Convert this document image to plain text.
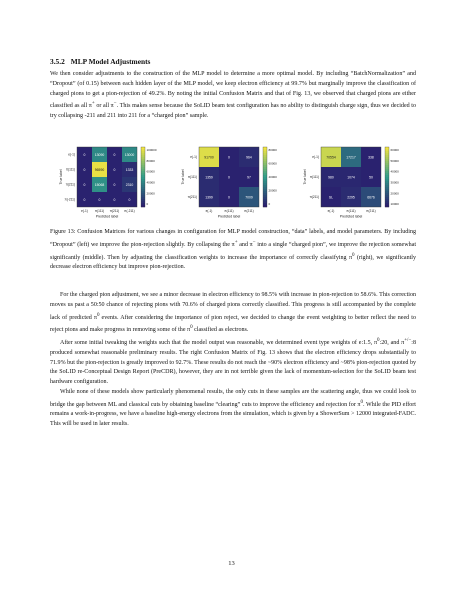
3.5.2 MLP Model Adjustments

We then consider adjustments to the construction of the MLP model to determine a more optimal model. By including “BatchNormalization” and “Dropout” (of 0.15) between each hidden layer of the MLP model, we keep electron efficiency at 99.7% but marginally improve the classification of charged pions to get a pion-rejection of 49.2%. By noting the initial Confusion Matrix and that of Fig. 13, we observed that charged pions are either classified as all π+ or all π−. This makes sense because the SoLID beam test configuration has no ability to distinguish charge sign, thus we decided to try collapsing -211 and 211 into 211 for a “charged pion” sample.

0	13090	0	13000
0	96590	0	1333
0	15068	0	2310
0	0	0	0
e(-1)
π(111)
π(211)
π(-211)
e(-1) π(111) π(211) π(-211)
True label
Predicted label
100000
80000
60000
40000
20000
0
91700	0	964
1359	0	97
1399	0	7009
e(-1)
π(111)
π(211)
e(-1)	π(111)	π(211)
True label
Predicted label
80000
60000
40000
20000
0
70554	17217	338
980	1074	50
SL	2295	6676
e(-1)
π(111)
π(211)
e(-1)	π(111)	π(211)
True label
Predicted label
60000
50000
40000
30000
20000
10000

Figure 13: Confusion Matrices for various changes in configuration for MLP model construction, “data” labels, and model parameters. By including “Dropout” (left) we improve the pion-rejection slightly. By collapsing the π+ and π− into a single “charged pion”, we improve the rejection somewhat significantly (middle). Then by adjusting the classification weights to increase the importance of correctly classifying $\pi^0$ (right), we significantly decrease electron efficiency but improve pion-rejection.

For the charged pion adjustment, we see a minor decrease in electron efficiency to 98.5% with increase in pion-rejection to 58.6%. This correction moves us past a 50:50 chance of rejecting pions with 70.6% of charged pions correctly classified. This progress is still accompanied by the complete lack of predicted $\pi^0$ events. After considering the importance of pion reject, we decided to change the event weighting to better reflect the need to reject pions and make progress in removing some of the $\pi^0$ classified as electrons.

After some initial tweaking the weights such that the model output was reasonable, we determined event type weights of e:1.5, $\pi^0:20$, and π+/−:8 produced somewhat reasonable preliminary results. The right Confusion Matrix of Fig. 13 shows that the electron efficiency drops substantially to 71.9% but the pion-rejection is greatly improved to 92.7%. These results do not reach the ~90% electron efficiency and ~98% pion-rejection quoted by the SoLID re-Conceptual Design Report (PreCDR), however, they are in not terrible given the lack of momentum-selection for the SoLID beam test hardware configuration.

While none of these models show particularly phenomenal results, the only cuts in these samples are the scattering angle, thus we could look to bridge the gap between ML and classical cuts by obtaining baseline “clearing” cuts to improve the efficiency and rejection for $\pi^0$. While the PID effort remains a work-in-progress, we have a baseline high-energy electrons from the simulation, which is given by a ShowerSum > 12000 integrated-FADC. This will be used in later results.

13
